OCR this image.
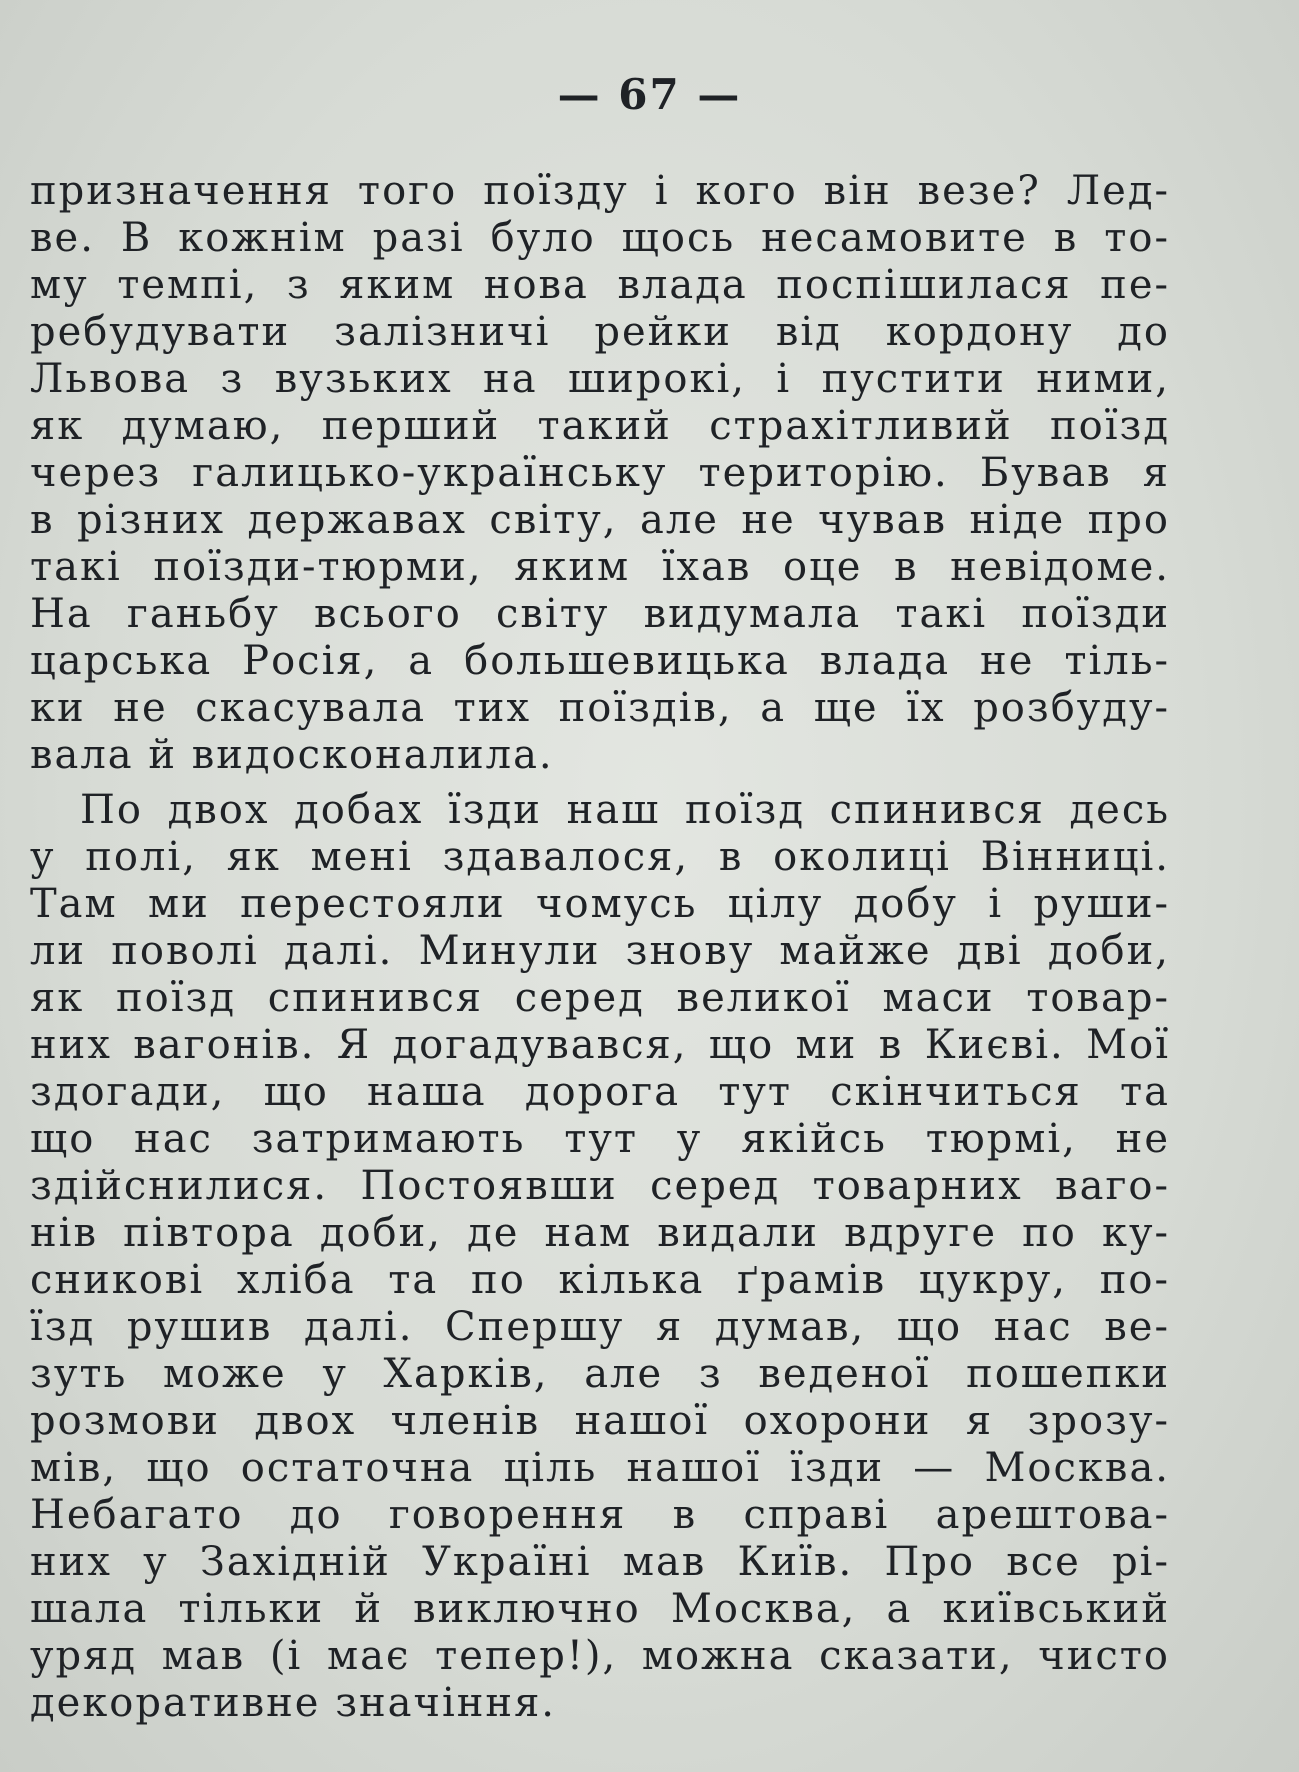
— 67 —
призначення того поїзду і кого він везе? Лед-
ве. В кожнім разі було щось несамовите в то-
му темпі, з яким нова влада поспішилася пе-
ребудувати залізничі рейки від кордону до
Львова з вузьких на широкі, і пустити ними,
як думаю, перший такий страхітливий поїзд
через галицько-українську територію. Бував я
в різних державах світу, але не чував ніде про
такі поїзди-тюрми, яким їхав оце в невідоме.
На ганьбу всього світу видумала такі поїзди
царська Росія, а большевицька влада не тіль-
ки не скасувала тих поїздів, а ще їх розбуду-
вала й видосконалила.
По двох добах їзди наш поїзд спинився десь
у полі, як мені здавалося, в околиці Вінниці.
Там ми перестояли чомусь цілу добу і руши-
ли поволі далі. Минули знову майже дві доби,
як поїзд спинився серед великої маси товар-
них вагонів. Я догадувався, що ми в Києві. Мої
здогади, що наша дорога тут скінчиться та
що нас затримають тут у якійсь тюрмі, не
здійснилися. Постоявши серед товарних ваго-
нів півтора доби, де нам видали вдруге по ку-
сникові хліба та по кілька ґрамів цукру, по-
їзд рушив далі. Спершу я думав, що нас ве-
зуть може у Харків, але з веденої пошепки
розмови двох членів нашої охорони я зрозу-
мів, що остаточна ціль нашої їзди — Москва.
Небагато до говорення в справі арештова-
них у Західній Україні мав Київ. Про все рі-
шала тільки й виключно Москва, а київський
уряд мав (і має тепер!), можна сказати, чисто
декоративне значіння.
